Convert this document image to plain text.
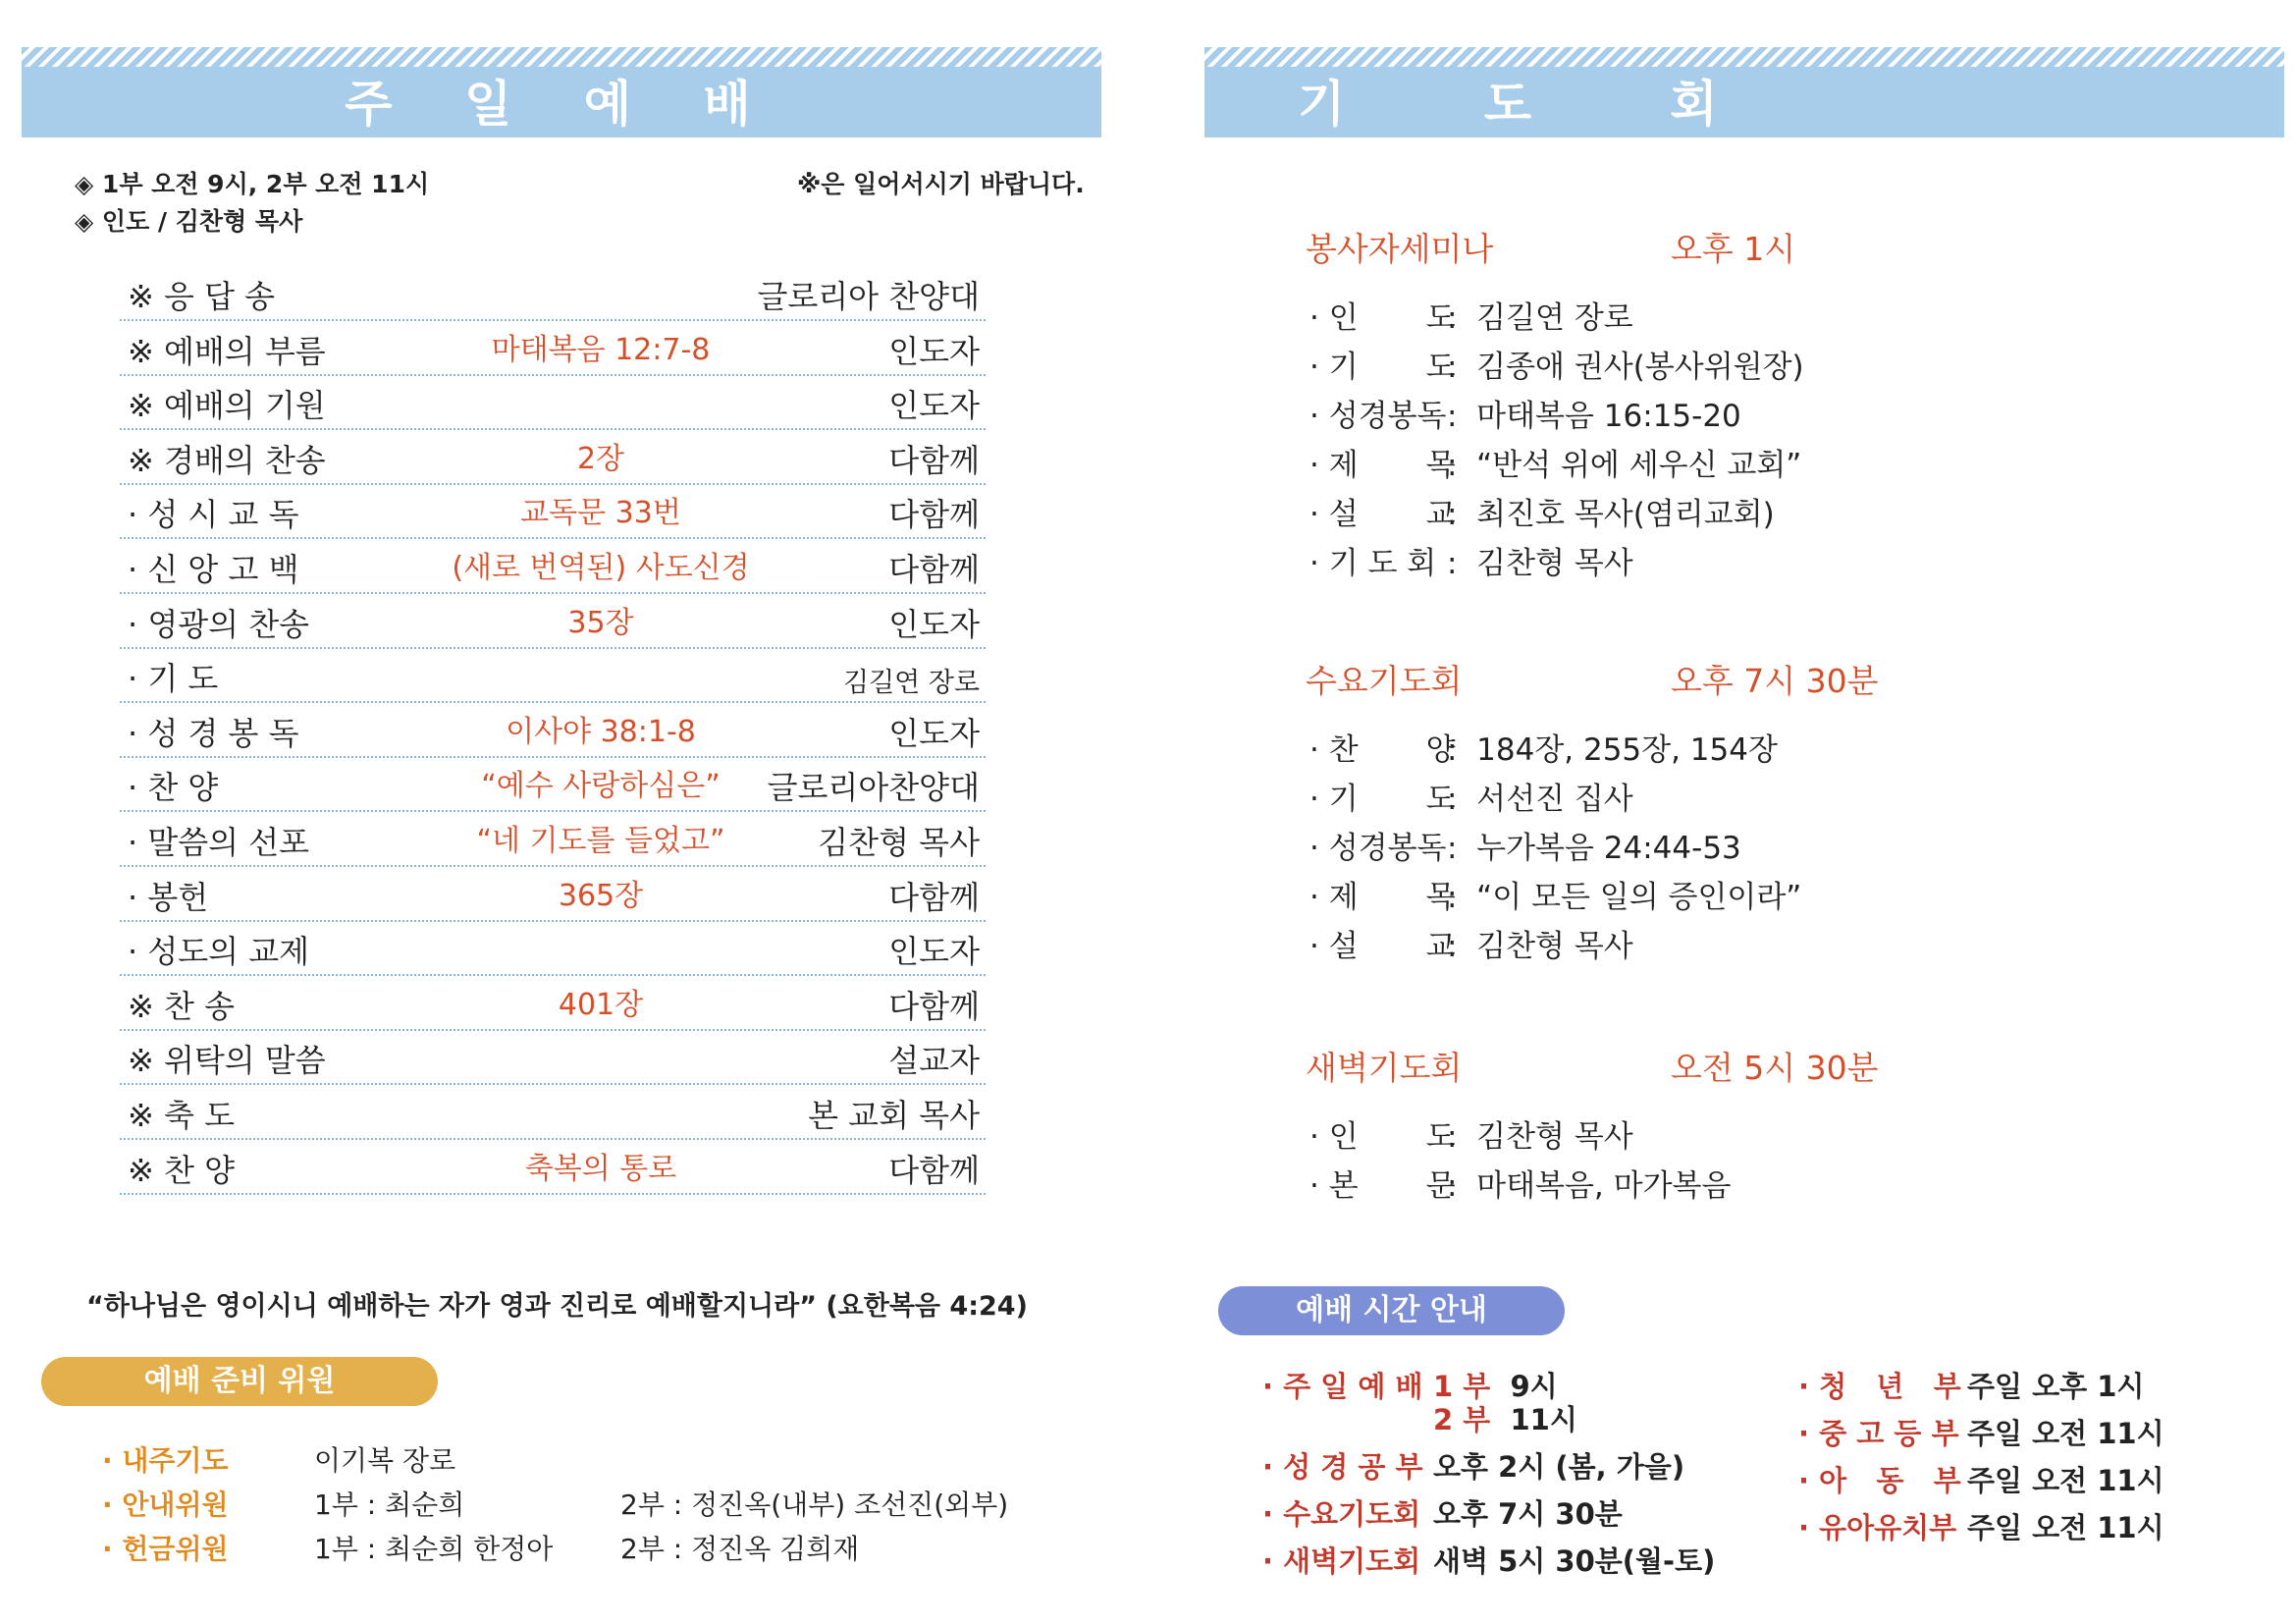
주 일 예 배
◈ 1부 오전 9시, 2부 오전 11시
◈ 인도 / 김찬형 목사
※은 일어서시기 바랍니다.
※ 응 답 송	글로리아 찬양대
※ 예배의 부름	마태복음 12:7-8	인도자
※ 예배의 기원	인도자
※ 경배의 찬송	2장	다함께
· 성 시 교 독	교독문 33번	다함께
· 신 앙 고 백	(새로 번역된) 사도신경	다함께
· 영광의 찬송	35장	인도자
· 기 도	김길연 장로
· 성 경 봉 독	이사야 38:1-8	인도자
· 찬 양	“예수 사랑하심은”	글로리아찬양대
· 말씀의 선포	“네 기도를 들었고”	김찬형 목사
· 봉헌	365장	다함께
· 성도의 교제	인도자
※ 찬 송	401장	다함께
※ 위탁의 말씀	설교자
※ 축 도	본 교회 목사
※ 찬 양	축복의 통로	다함께
“하나님은 영이시니 예배하는 자가 영과 진리로 예배할지니라” (요한복음 4:24)
예배 준비 위원
· 내주기도	이기복 장로
· 안내위원	1부 : 최순희	2부 : 정진옥(내부) 조선진(외부)
· 헌금위원	1부 : 최순희 한정아 2부 : 정진옥 김희재
기 도 회
봉사자세미나	오후 1시
· 인       도:  김길연 장로
· 기       도:  김종애 권사(봉사위원장)
· 성경봉독:  마태복음 16:15-20
· 제       목:  “반석 위에 세우신 교회”
· 설       교:  최진호 목사(염리교회)
· 기 도 회 :  김찬형 목사
수요기도회	오후 7시 30분
· 찬       양:  184장, 255장, 154장
· 기       도:  서선진 집사
· 성경봉독:  누가복음 24:44-53
· 제       목:  “이 모든 일의 증인이라”
· 설       교:  김찬형 목사
새벽기도회	오전 5시 30분
· 인       도:  김찬형 목사
· 본       문:  마태복음, 마가복음
예배 시간 안내
· 주 일 예 배 1 부  9시
2 부  11시
· 성 경 공 부 오후 2시 (봄, 가을)
· 수요기도회 오후 7시 30분
· 새벽기도회 새벽 5시 30분(월-토)
· 청   년   부 주일 오후 1시
· 중 고 등 부 주일 오전 11시
· 아   동   부 주일 오전 11시
· 유아유치부 주일 오전 11시
